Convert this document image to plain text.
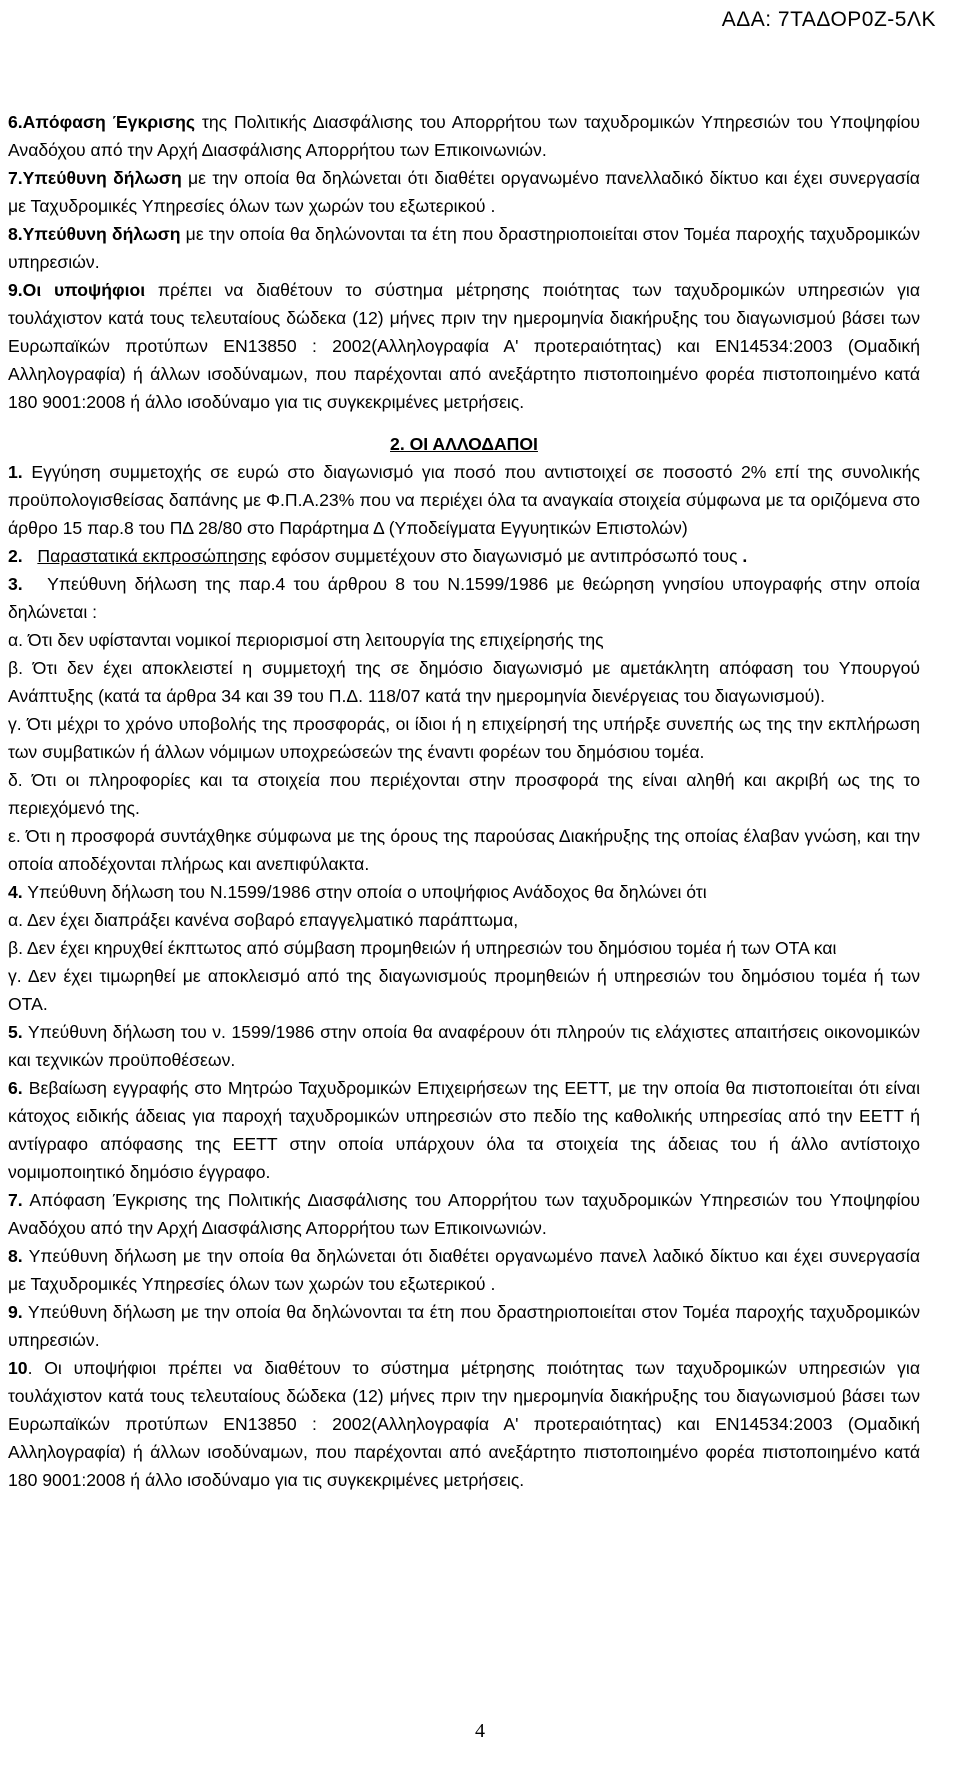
ΑΔΑ: 7ΤΑΔΟΡ0Ζ-5ΛΚ

6.Απόφαση Έγκρισης της Πολιτικής Διασφάλισης του Απορρήτου των ταχυδρομικών Υπηρεσιών του Υποψηφίου Αναδόχου από την Αρχή Διασφάλισης Απορρήτου των Επικοινωνιών.

7.Υπεύθυνη δήλωση με την οποία θα δηλώνεται ότι διαθέτει οργανωμένο πανελλαδικό δίκτυο και έχει συνεργασία με Ταχυδρομικές Υπηρεσίες όλων των χωρών του εξωτερικού .

8.Υπεύθυνη δήλωση με την οποία θα δηλώνονται τα έτη που δραστηριοποιείται στον Τομέα παροχής ταχυδρομικών υπηρεσιών.

9.Οι υποψήφιοι πρέπει να διαθέτουν το σύστημα μέτρησης ποιότητας των ταχυδρομικών υπηρεσιών για τουλάχιστον κατά τους τελευταίους δώδεκα (12) μήνες πριν την ημερομηνία διακήρυξης του διαγωνισμού βάσει των Ευρωπαϊκών προτύπων ΕΝ13850 : 2002(Αλληλογραφία Α' προτεραιότητας) και ΕΝ14534:2003 (Ομαδική Αλληλογραφία) ή άλλων ισοδύναμων, που παρέχονται από ανεξάρτητο πιστοποιημένο φορέα πιστοποιημένο κατά 180 9001:2008 ή άλλο ισοδύναμο για τις συγκεκριμένες μετρήσεις.

2. ΟΙ ΑΛΛΟΔΑΠΟΙ

1. Εγγύηση συμμετοχής σε ευρώ στο διαγωνισμό για ποσό που αντιστοιχεί σε ποσοστό 2% επί της συνολικής προϋπολογισθείσας δαπάνης με Φ.Π.Α.23% που να περιέχει όλα τα αναγκαία στοιχεία σύμφωνα με τα οριζόμενα στο άρθρο 15 παρ.8 του ΠΔ 28/80 στο Παράρτημα Δ (Υποδείγματα Εγγυητικών Επιστολών)

2. Παραστατικά εκπροσώπησης εφόσον συμμετέχουν στο διαγωνισμό με αντιπρόσωπό τους .

3. Υπεύθυνη δήλωση της παρ.4 του άρθρου 8 του Ν.1599/1986 με θεώρηση γνησίου υπογραφής στην οποία δηλώνεται :

α. Ότι δεν υφίστανται νομικοί περιορισμοί στη λειτουργία της επιχείρησής της

β. Ότι δεν έχει αποκλειστεί η συμμετοχή της σε δημόσιο διαγωνισμό με αμετάκλητη απόφαση του Υπουργού Ανάπτυξης (κατά τα άρθρα 34 και 39 του Π.Δ. 118/07 κατά την ημερομηνία διενέργειας του διαγωνισμού).

γ. Ότι μέχρι το χρόνο υποβολής της προσφοράς, οι ίδιοι ή η επιχείρησή της υπήρξε συνεπής ως της την εκπλήρωση των συμβατικών ή άλλων νόμιμων υποχρεώσεών της έναντι φορέων του δημόσιου τομέα.

δ. Ότι οι πληροφορίες και τα στοιχεία που περιέχονται στην προσφορά της είναι αληθή και ακριβή ως της το περιεχόμενό της.

ε. Ότι η προσφορά συντάχθηκε σύμφωνα με της όρους της παρούσας Διακήρυξης της οποίας έλαβαν γνώση, και την οποία αποδέχονται πλήρως και ανεπιφύλακτα.

4. Υπεύθυνη δήλωση του Ν.1599/1986 στην οποία ο υποψήφιος Ανάδοχος θα δηλώνει ότι

α. Δεν έχει διαπράξει κανένα σοβαρό επαγγελματικό παράπτωμα,

β. Δεν έχει κηρυχθεί έκπτωτος από σύμβαση προμηθειών ή υπηρεσιών του δημόσιου τομέα ή των ΟΤΑ και

γ. Δεν έχει τιμωρηθεί με αποκλεισμό από της διαγωνισμούς προμηθειών ή υπηρεσιών του δημόσιου τομέα ή των ΟΤΑ.

5. Υπεύθυνη δήλωση του ν. 1599/1986 στην οποία θα αναφέρουν ότι πληρούν τις ελάχιστες απαιτήσεις οικονομικών και τεχνικών προϋποθέσεων.

6. Βεβαίωση εγγραφής στο Μητρώο Ταχυδρομικών Επιχειρήσεων της ΕΕΤΤ, με την οποία θα πιστοποιείται ότι είναι κάτοχος ειδικής άδειας για παροχή ταχυδρομικών υπηρεσιών στο πεδίο της καθολικής υπηρεσίας από την ΕΕΤΤ ή αντίγραφο απόφασης της ΕΕΤΤ στην οποία υπάρχουν όλα τα στοιχεία της άδειας του ή άλλο αντίστοιχο νομιμοποιητικό δημόσιο έγγραφο.

7. Απόφαση Έγκρισης της Πολιτικής Διασφάλισης του Απορρήτου των ταχυδρομικών Υπηρεσιών του Υποψηφίου Αναδόχου από την Αρχή Διασφάλισης Απορρήτου των Επικοινωνιών.

8. Υπεύθυνη δήλωση με την οποία θα δηλώνεται ότι διαθέτει οργανωμένο πανελ λαδικό δίκτυο και έχει συνεργασία με Ταχυδρομικές Υπηρεσίες όλων των χωρών του εξωτερικού .

9. Υπεύθυνη δήλωση με την οποία θα δηλώνονται τα έτη που δραστηριοποιείται στον Τομέα παροχής ταχυδρομικών υπηρεσιών.

10. Οι υποψήφιοι πρέπει να διαθέτουν το σύστημα μέτρησης ποιότητας των ταχυδρομικών υπηρεσιών για τουλάχιστον κατά τους τελευταίους δώδεκα (12) μήνες πριν την ημερομηνία διακήρυξης του διαγωνισμού βάσει των Ευρωπαϊκών προτύπων ΕΝ13850 : 2002(Αλληλογραφία Α' προτεραιότητας) και ΕΝ14534:2003 (Ομαδική Αλληλογραφία) ή άλλων ισοδύναμων, που παρέχονται από ανεξάρτητο πιστοποιημένο φορέα πιστοποιημένο κατά 180 9001:2008 ή άλλο ισοδύναμο για τις συγκεκριμένες μετρήσεις.

4
